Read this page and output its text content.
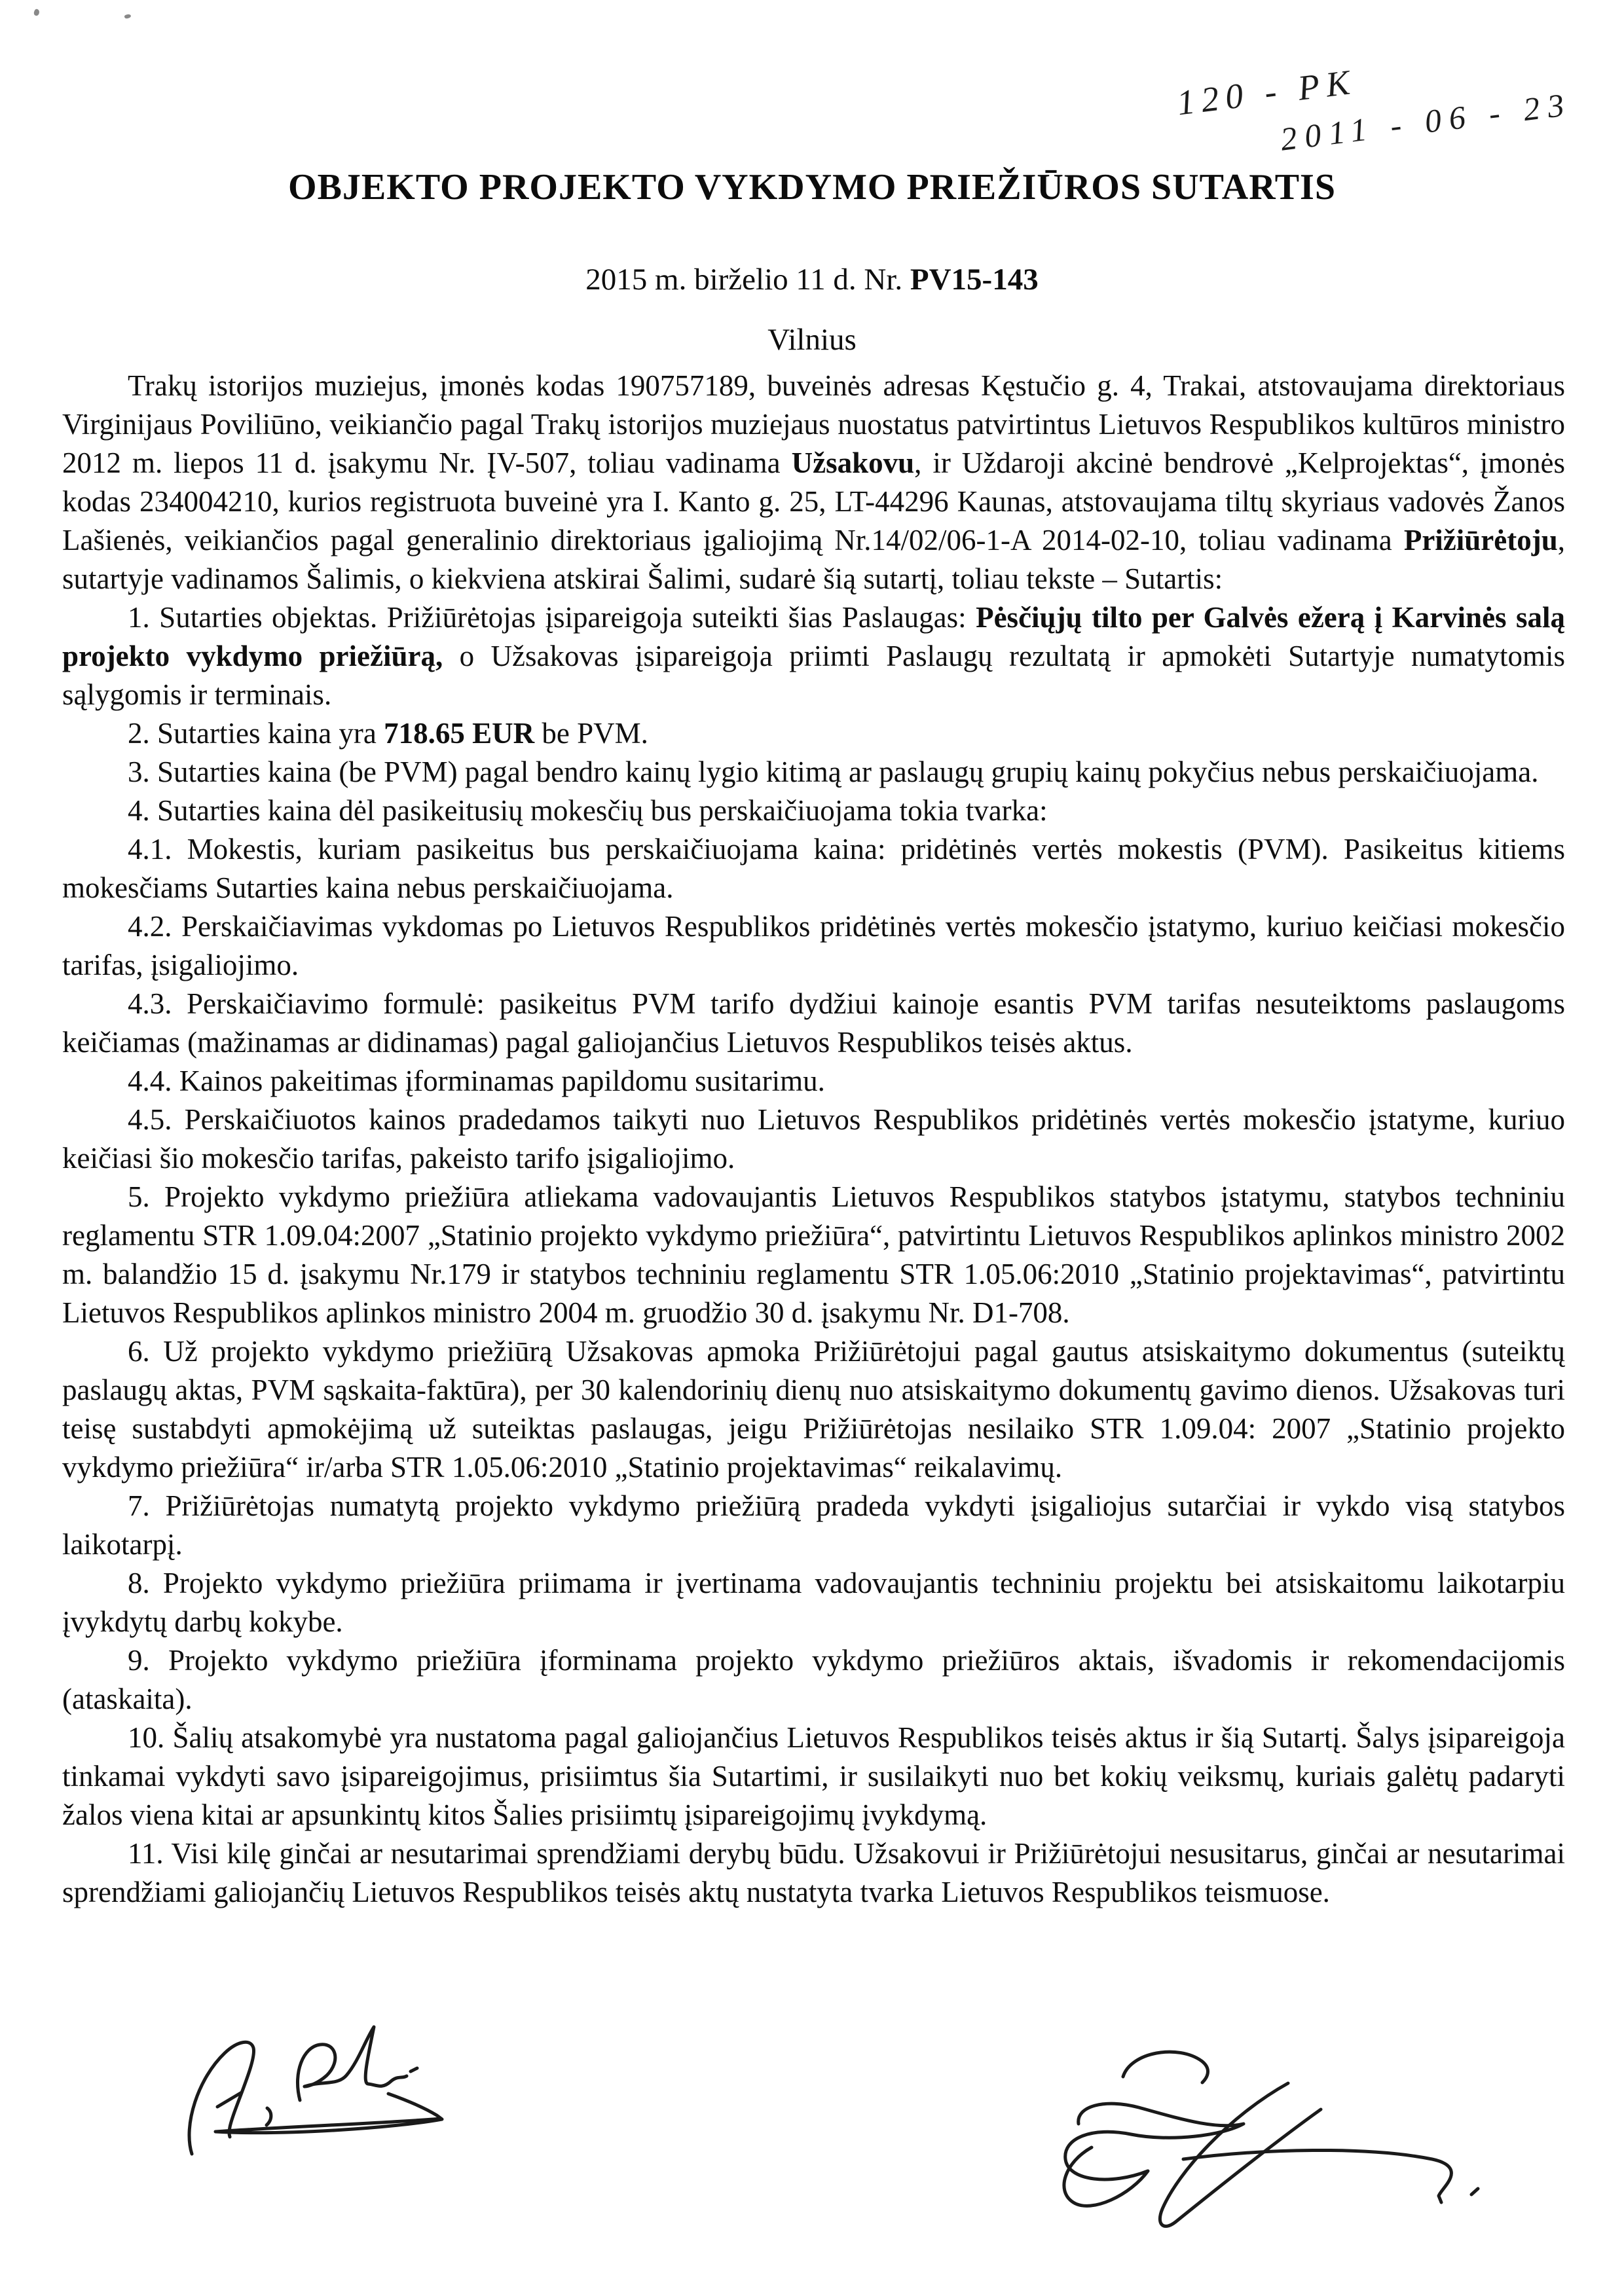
120 - PK
2011 - 06 - 23
OBJEKTO PROJEKTO VYKDYMO PRIEŽIŪROS SUTARTIS
2015 m. birželio 11 d. Nr. PV15-143
Vilnius

Trakų istorijos muziejus, įmonės kodas 190757189, buveinės adresas Kęstučio g. 4, Trakai, atstovaujama direktoriaus Virginijaus Poviliūno, veikiančio pagal Trakų istorijos muziejaus nuostatus patvirtintus Lietuvos Respublikos kultūros ministro 2012 m. liepos 11 d. įsakymu Nr. ĮV-507, toliau vadinama Užsakovu, ir Uždaroji akcinė bendrovė „Kelprojektas“, įmonės kodas 234004210, kurios registruota buveinė yra I. Kanto g. 25, LT-44296 Kaunas, atstovaujama tiltų skyriaus vadovės Žanos Lašienės, veikiančios pagal generalinio direktoriaus įgaliojimą Nr.14/02/06-1-A 2014-02-10, toliau vadinama Prižiūrėtoju, sutartyje vadinamos Šalimis, o kiekviena atskirai Šalimi, sudarė šią sutartį, toliau tekste – Sutartis:

1. Sutarties objektas. Prižiūrėtojas įsipareigoja suteikti šias Paslaugas: Pėsčiųjų tilto per Galvės ežerą į Karvinės salą projekto vykdymo priežiūrą, o Užsakovas įsipareigoja priimti Paslaugų rezultatą ir apmokėti Sutartyje numatytomis sąlygomis ir terminais.

2. Sutarties kaina yra 718.65 EUR be PVM.

3. Sutarties kaina (be PVM) pagal bendro kainų lygio kitimą ar paslaugų grupių kainų pokyčius nebus perskaičiuojama.

4. Sutarties kaina dėl pasikeitusių mokesčių bus perskaičiuojama tokia tvarka:

4.1. Mokestis, kuriam pasikeitus bus perskaičiuojama kaina: pridėtinės vertės mokestis (PVM). Pasikeitus kitiems mokesčiams Sutarties kaina nebus perskaičiuojama.

4.2. Perskaičiavimas vykdomas po Lietuvos Respublikos pridėtinės vertės mokesčio įstatymo, kuriuo keičiasi mokesčio tarifas, įsigaliojimo.

4.3. Perskaičiavimo formulė: pasikeitus PVM tarifo dydžiui kainoje esantis PVM tarifas nesuteiktoms paslaugoms keičiamas (mažinamas ar didinamas) pagal galiojančius Lietuvos Respublikos teisės aktus.

4.4. Kainos pakeitimas įforminamas papildomu susitarimu.

4.5. Perskaičiuotos kainos pradedamos taikyti nuo Lietuvos Respublikos pridėtinės vertės mokesčio įstatyme, kuriuo keičiasi šio mokesčio tarifas, pakeisto tarifo įsigaliojimo.

5. Projekto vykdymo priežiūra atliekama vadovaujantis Lietuvos Respublikos statybos įstatymu, statybos techniniu reglamentu STR 1.09.04:2007 „Statinio projekto vykdymo priežiūra“, patvirtintu Lietuvos Respublikos aplinkos ministro 2002 m. balandžio 15 d. įsakymu Nr.179 ir statybos techniniu reglamentu STR 1.05.06:2010 „Statinio projektavimas“, patvirtintu Lietuvos Respublikos aplinkos ministro 2004 m. gruodžio 30 d. įsakymu Nr. D1-708.

6. Už projekto vykdymo priežiūrą Užsakovas apmoka Prižiūrėtojui pagal gautus atsiskaitymo dokumentus (suteiktų paslaugų aktas, PVM sąskaita-faktūra), per 30 kalendorinių dienų nuo atsiskaitymo dokumentų gavimo dienos. Užsakovas turi teisę sustabdyti apmokėjimą už suteiktas paslaugas, jeigu Prižiūrėtojas nesilaiko STR 1.09.04: 2007 „Statinio projekto vykdymo priežiūra“ ir/arba STR 1.05.06:2010 „Statinio projektavimas“ reikalavimų.

7. Prižiūrėtojas numatytą projekto vykdymo priežiūrą pradeda vykdyti įsigaliojus sutarčiai ir vykdo visą statybos laikotarpį.

8. Projekto vykdymo priežiūra priimama ir įvertinama vadovaujantis techniniu projektu bei atsiskaitomu laikotarpiu įvykdytų darbų kokybe.

9. Projekto vykdymo priežiūra įforminama projekto vykdymo priežiūros aktais, išvadomis ir rekomendacijomis (ataskaita).

10. Šalių atsakomybė yra nustatoma pagal galiojančius Lietuvos Respublikos teisės aktus ir šią Sutartį. Šalys įsipareigoja tinkamai vykdyti savo įsipareigojimus, prisiimtus šia Sutartimi, ir susilaikyti nuo bet kokių veiksmų, kuriais galėtų padaryti žalos viena kitai ar apsunkintų kitos Šalies prisiimtų įsipareigojimų įvykdymą.

11. Visi kilę ginčai ar nesutarimai sprendžiami derybų būdu. Užsakovui ir Prižiūrėtojui nesusitarus, ginčai ar nesutarimai sprendžiami galiojančių Lietuvos Respublikos teisės aktų nustatyta tvarka Lietuvos Respublikos teismuose.
